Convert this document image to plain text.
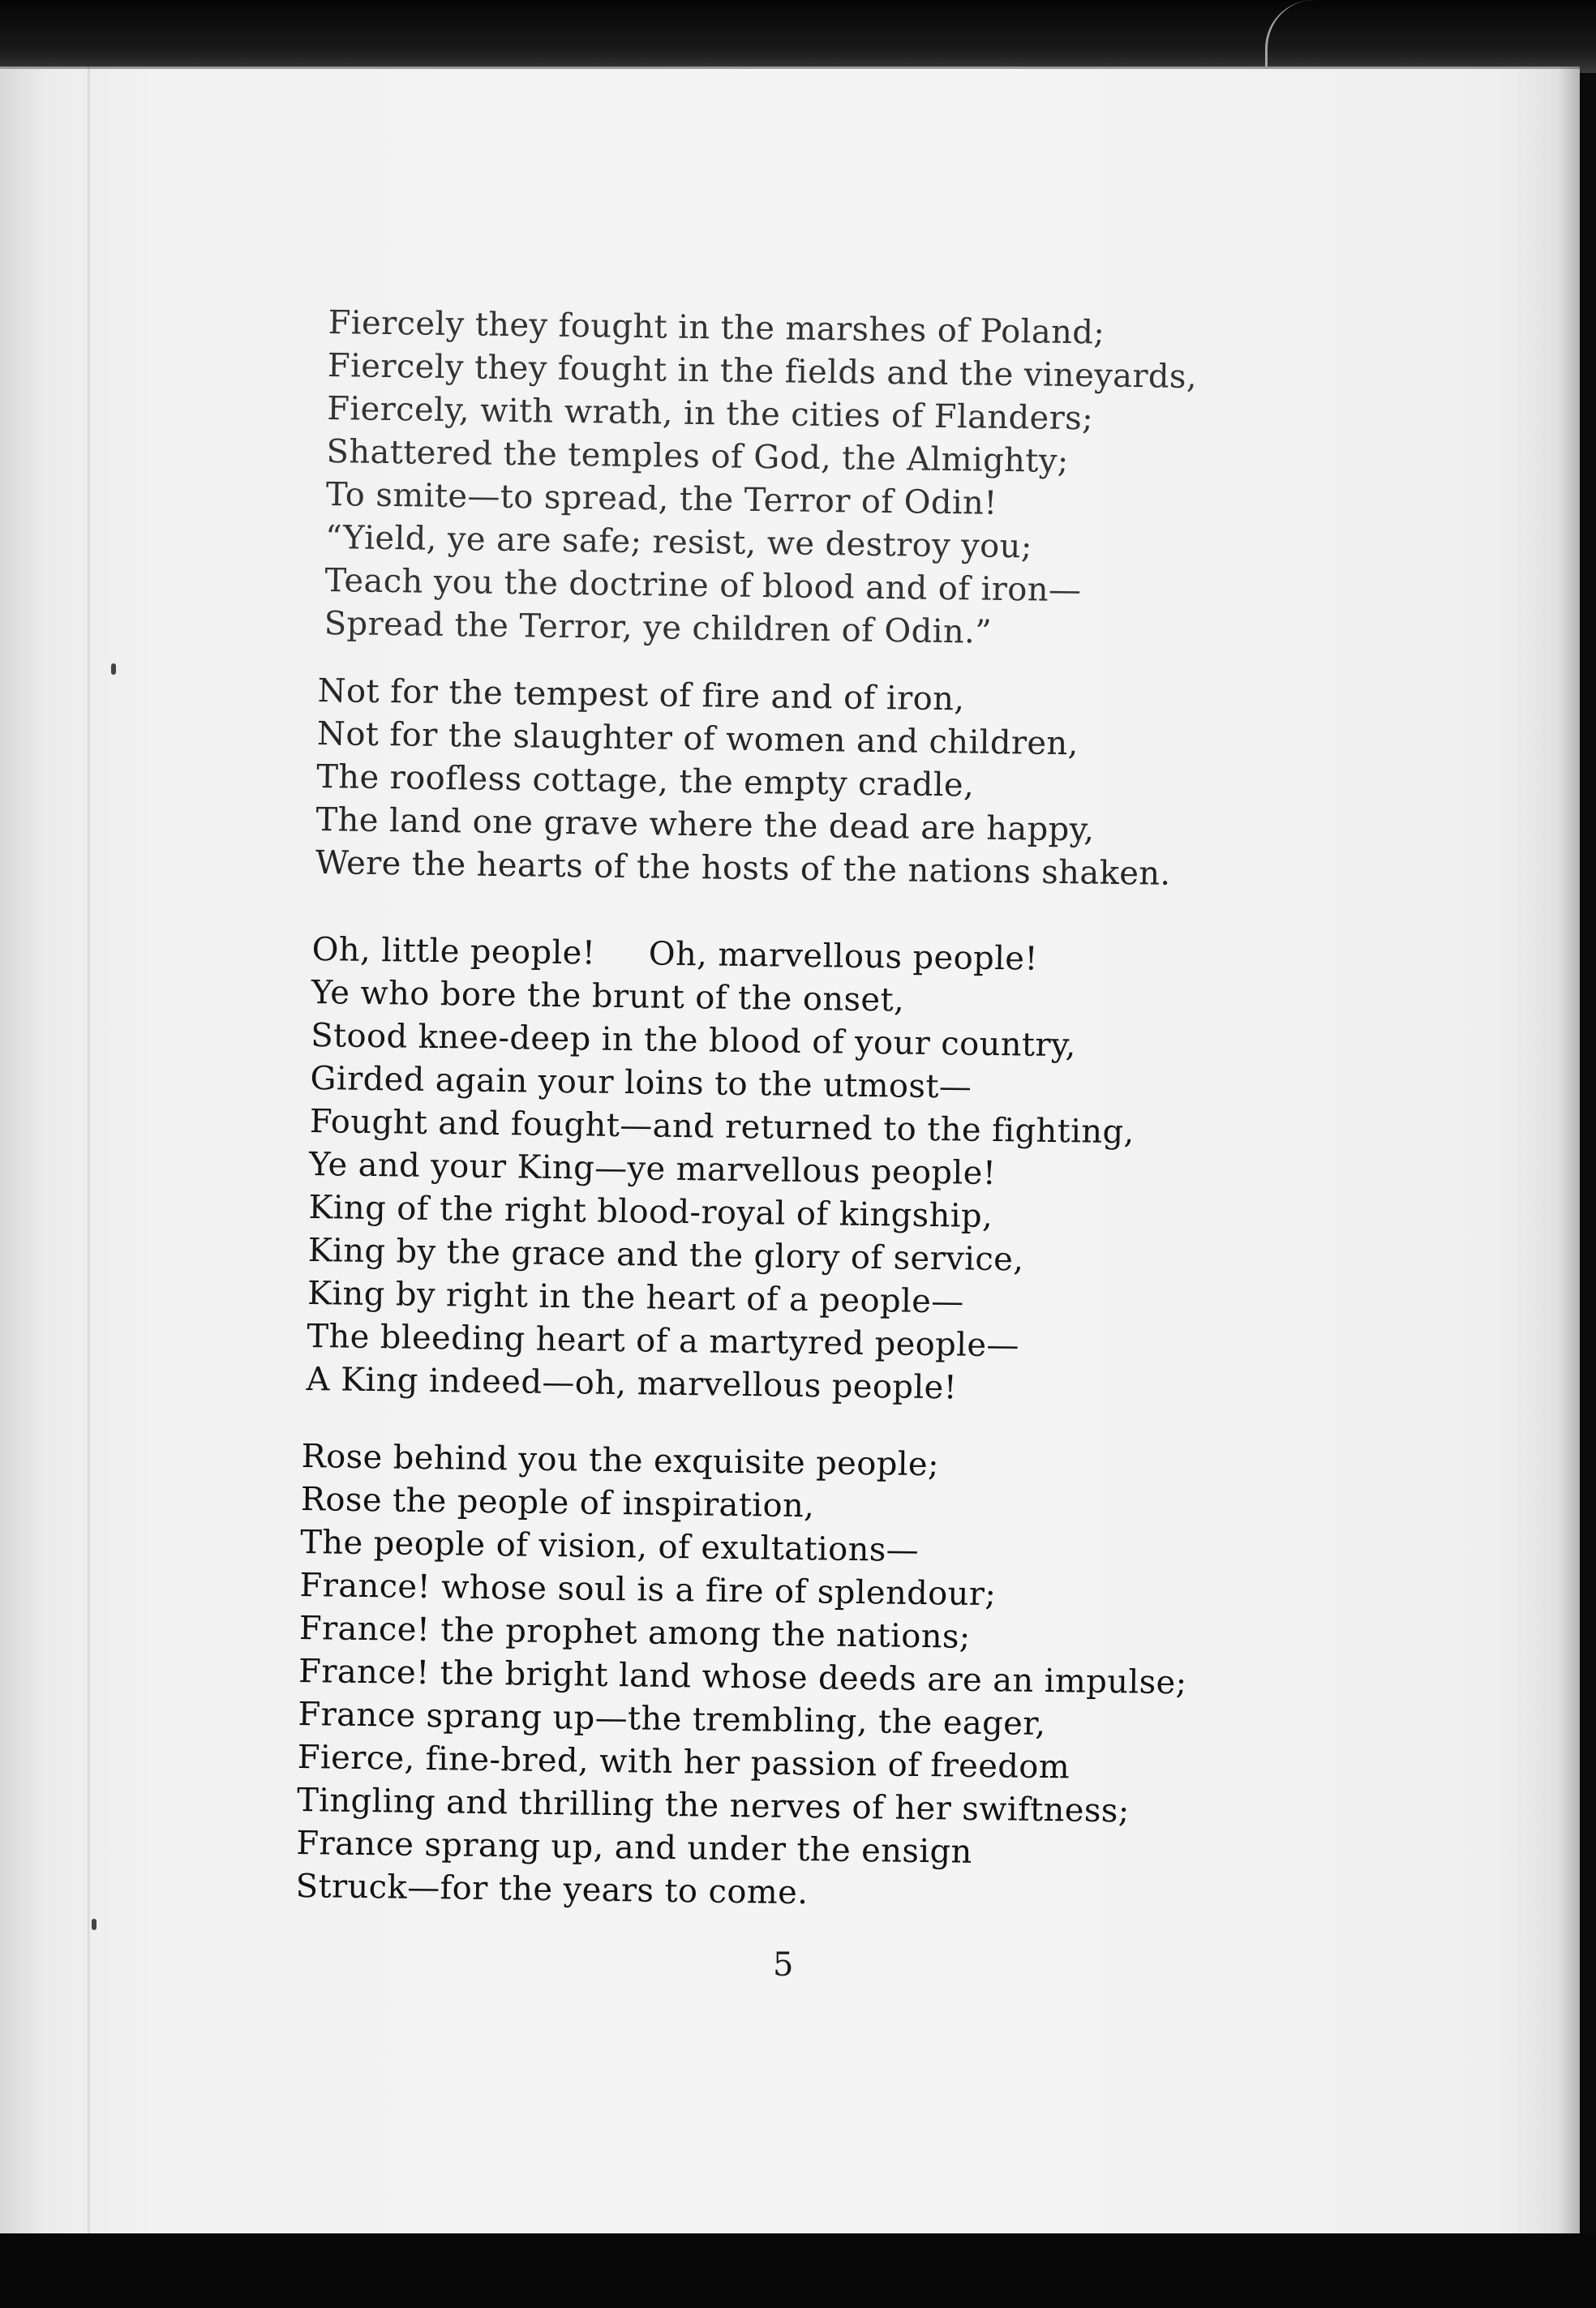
Fiercely they fought in the marshes of Poland;
Fiercely they fought in the fields and the vineyards,
Fiercely, with wrath, in the cities of Flanders;
Shattered the temples of God, the Almighty;
To smite—to spread, the Terror of Odin!
“Yield, ye are safe; resist, we destroy you;
Teach you the doctrine of blood and of iron—
Spread the Terror, ye children of Odin.”
Not for the tempest of fire and of iron,
Not for the slaughter of women and children,
The roofless cottage, the empty cradle,
The land one grave where the dead are happy,
Were the hearts of the hosts of the nations shaken.
Oh, little people!     Oh, marvellous people!
Ye who bore the brunt of the onset,
Stood knee-deep in the blood of your country,
Girded again your loins to the utmost—
Fought and fought—and returned to the fighting,
Ye and your King—ye marvellous people!
King of the right blood-royal of kingship,
King by the grace and the glory of service,
King by right in the heart of a people—
The bleeding heart of a martyred people—
A King indeed—oh, marvellous people!
Rose behind you the exquisite people;
Rose the people of inspiration,
The people of vision, of exultations—
France! whose soul is a fire of splendour;
France! the prophet among the nations;
France! the bright land whose deeds are an impulse;
France sprang up—the trembling, the eager,
Fierce, fine-bred, with her passion of freedom
Tingling and thrilling the nerves of her swiftness;
France sprang up, and under the ensign
Struck—for the years to come.
5
